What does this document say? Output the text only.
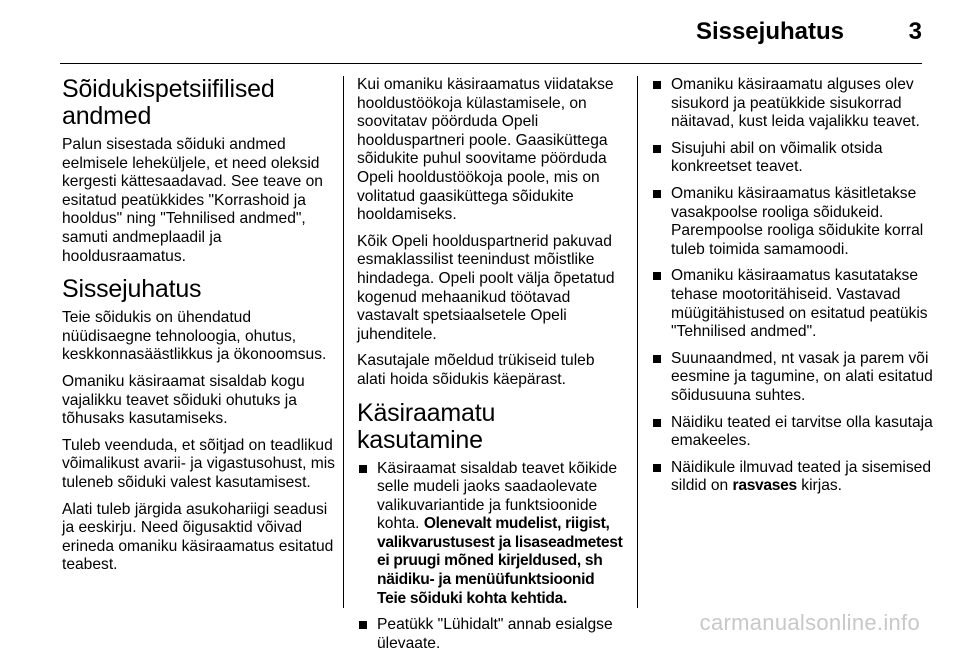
Sissejuhatus	3
Sõidukispetsiifilised andmed

Palun sisestada sõiduki andmed eelmisele leheküljele, et need oleksid kergesti kättesaadavad. See teave on esitatud peatükkides "Korrashoid ja hooldus" ning "Tehnilised andmed", samuti andmeplaadil ja hooldusraamatus.

Sissejuhatus

Teie sõidukis on ühendatud nüüdisaegne tehnoloogia, ohutus, keskkonnasäästlikkus ja ökonoomsus.

Omaniku käsiraamat sisaldab kogu vajalikku teavet sõiduki ohutuks ja tõhusaks kasutamiseks.

Tuleb veenduda, et sõitjad on teadlikud võimalikust avarii- ja vigastusohust, mis tuleneb sõiduki valest kasutamisest.

Alati tuleb järgida asukohariigi seadusi ja eeskirju. Need õigusaktid võivad erineda omaniku käsiraamatus esitatud teabest.

Kui omaniku käsiraamatus viidatakse hooldustöökoja külastamisele, on soovitatav pöörduda Opeli hoolduspartneri poole. Gaasiküttega sõidukite puhul soovitame pöörduda Opeli hooldustöökoja poole, mis on volitatud gaasiküttega sõidukite hooldamiseks.

Kõik Opeli hoolduspartnerid pakuvad esmaklassilist teenindust mõistlike hindadega. Opeli poolt välja õpetatud kogenud mehaanikud töötavad vastavalt spetsiaalsetele Opeli juhenditele.

Kasutajale mõeldud trükiseid tuleb alati hoida sõidukis käepärast.

Käsiraamatu kasutamine
Käsiraamat sisaldab teavet kõikide selle mudeli jaoks saadaolevate valikuvariantide ja funktsioonide kohta. Olenevalt mudelist, riigist, valikvarustusest ja lisaseadmetest ei pruugi mõned kirjeldused, sh näidiku- ja menüüfunktsioonid Teie sõiduki kohta kehtida.
Peatükk "Lühidalt" annab esialgse ülevaate.
Omaniku käsiraamatu alguses olev sisukord ja peatükkide sisukorrad näitavad, kust leida vajalikku teavet.
Sisujuhi abil on võimalik otsida konkreetset teavet.
Omaniku käsiraamatus käsitletakse vasakpoolse rooliga sõidukeid. Parempoolse rooliga sõidukite korral tuleb toimida samamoodi.
Omaniku käsiraamatus kasutatakse tehase mootoritähiseid. Vastavad müügitähistused on esitatud peatükis "Tehnilised andmed".
Suunaandmed, nt vasak ja parem või eesmine ja tagumine, on alati esitatud sõidusuuna suhtes.
Näidiku teated ei tarvitse olla kasutaja emakeeles.
Näidikule ilmuvad teated ja sisemised sildid on rasvases kirjas.
carmanualsonline.info
